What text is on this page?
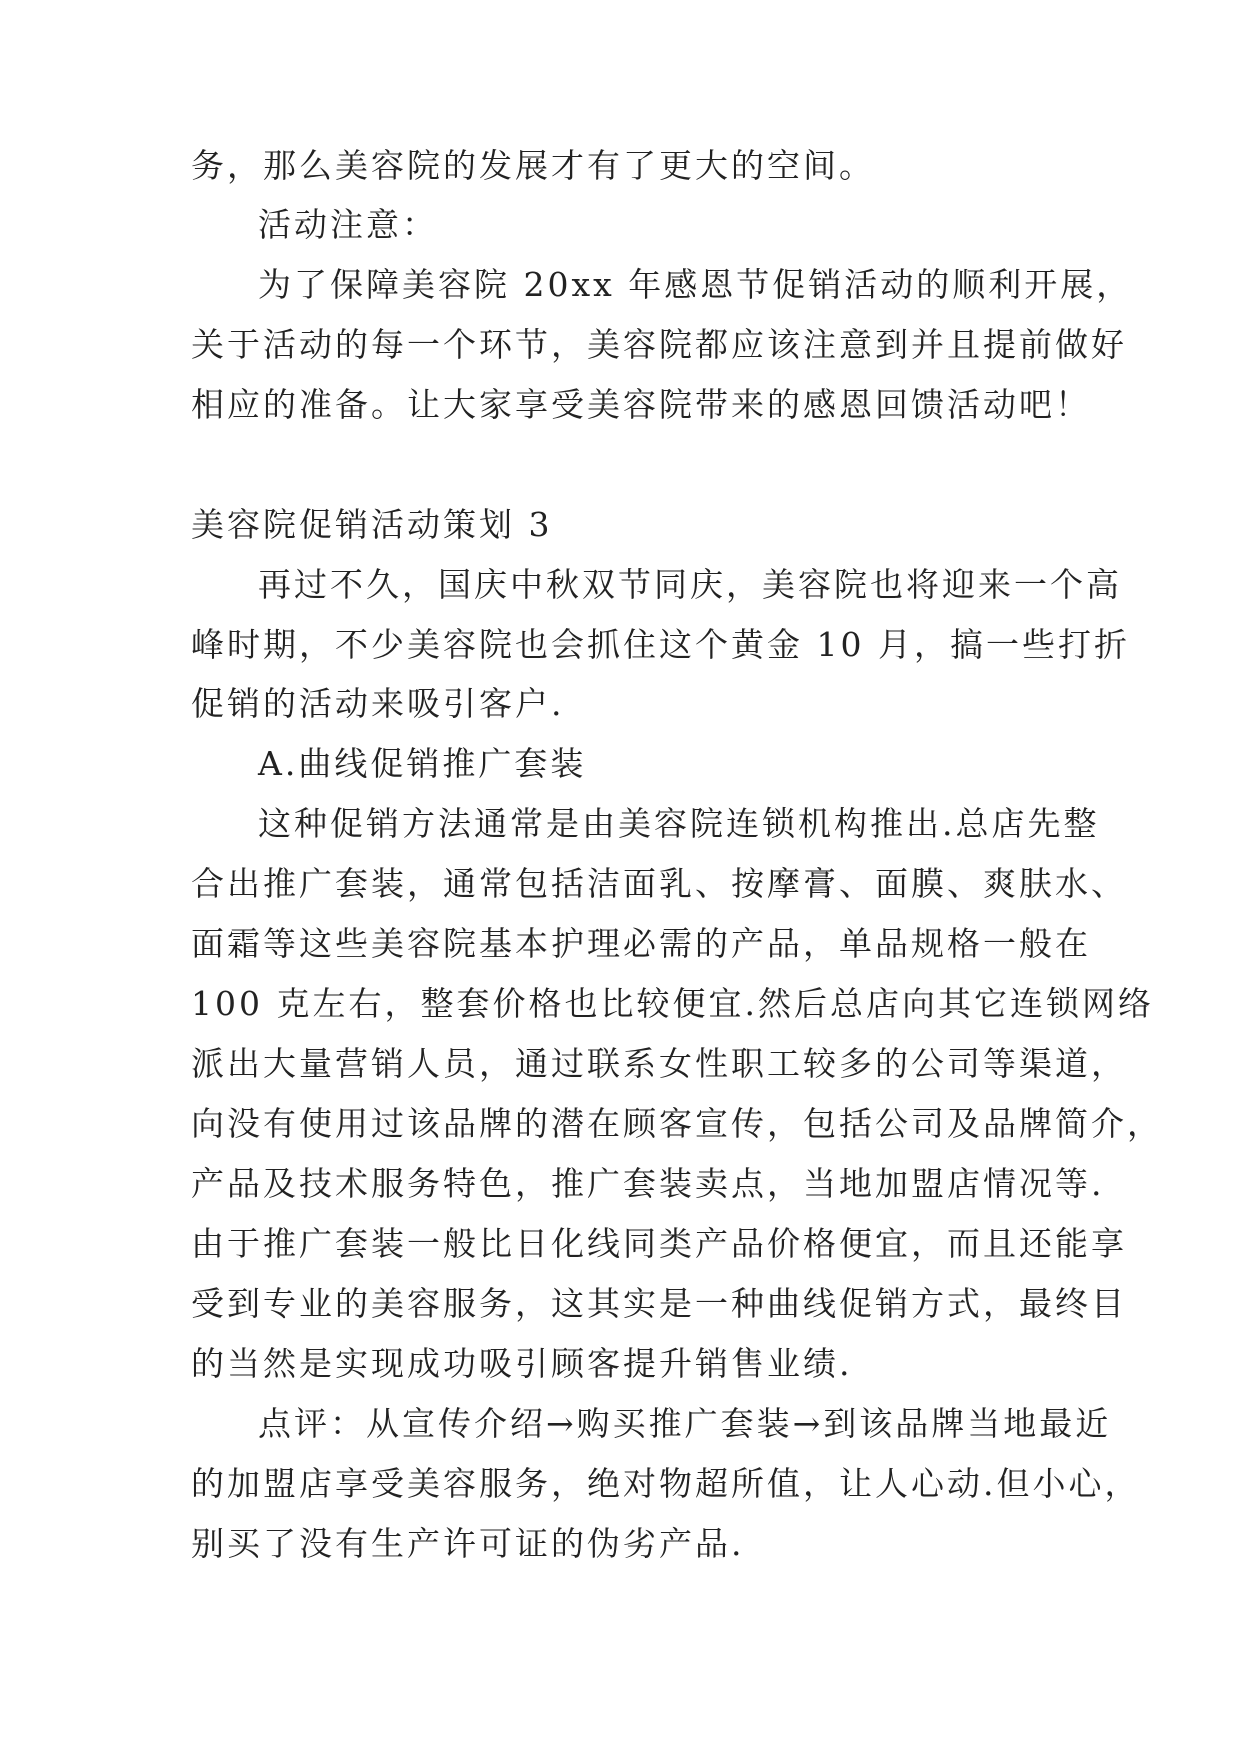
务，那么美容院的发展才有了更大的空间。
活动注意：
为了保障美容院 20xx 年感恩节促销活动的顺利开展，
关于活动的每一个环节，美容院都应该注意到并且提前做好
相应的准备。让大家享受美容院带来的感恩回馈活动吧！
美容院促销活动策划 3
再过不久，国庆中秋双节同庆，美容院也将迎来一个高
峰时期，不少美容院也会抓住这个黄金 10 月，搞一些打折
促销的活动来吸引客户.
A.曲线促销推广套装
这种促销方法通常是由美容院连锁机构推出.总店先整
合出推广套装，通常包括洁面乳、按摩膏、面膜、爽肤水、
面霜等这些美容院基本护理必需的产品，单品规格一般在
100 克左右，整套价格也比较便宜.然后总店向其它连锁网络
派出大量营销人员，通过联系女性职工较多的公司等渠道，
向没有使用过该品牌的潜在顾客宣传，包括公司及品牌简介，
产品及技术服务特色，推广套装卖点，当地加盟店情况等.
由于推广套装一般比日化线同类产品价格便宜，而且还能享
受到专业的美容服务，这其实是一种曲线促销方式，最终目
的当然是实现成功吸引顾客提升销售业绩.
点评：从宣传介绍→购买推广套装→到该品牌当地最近
的加盟店享受美容服务，绝对物超所值，让人心动.但小心，
别买了没有生产许可证的伪劣产品.
